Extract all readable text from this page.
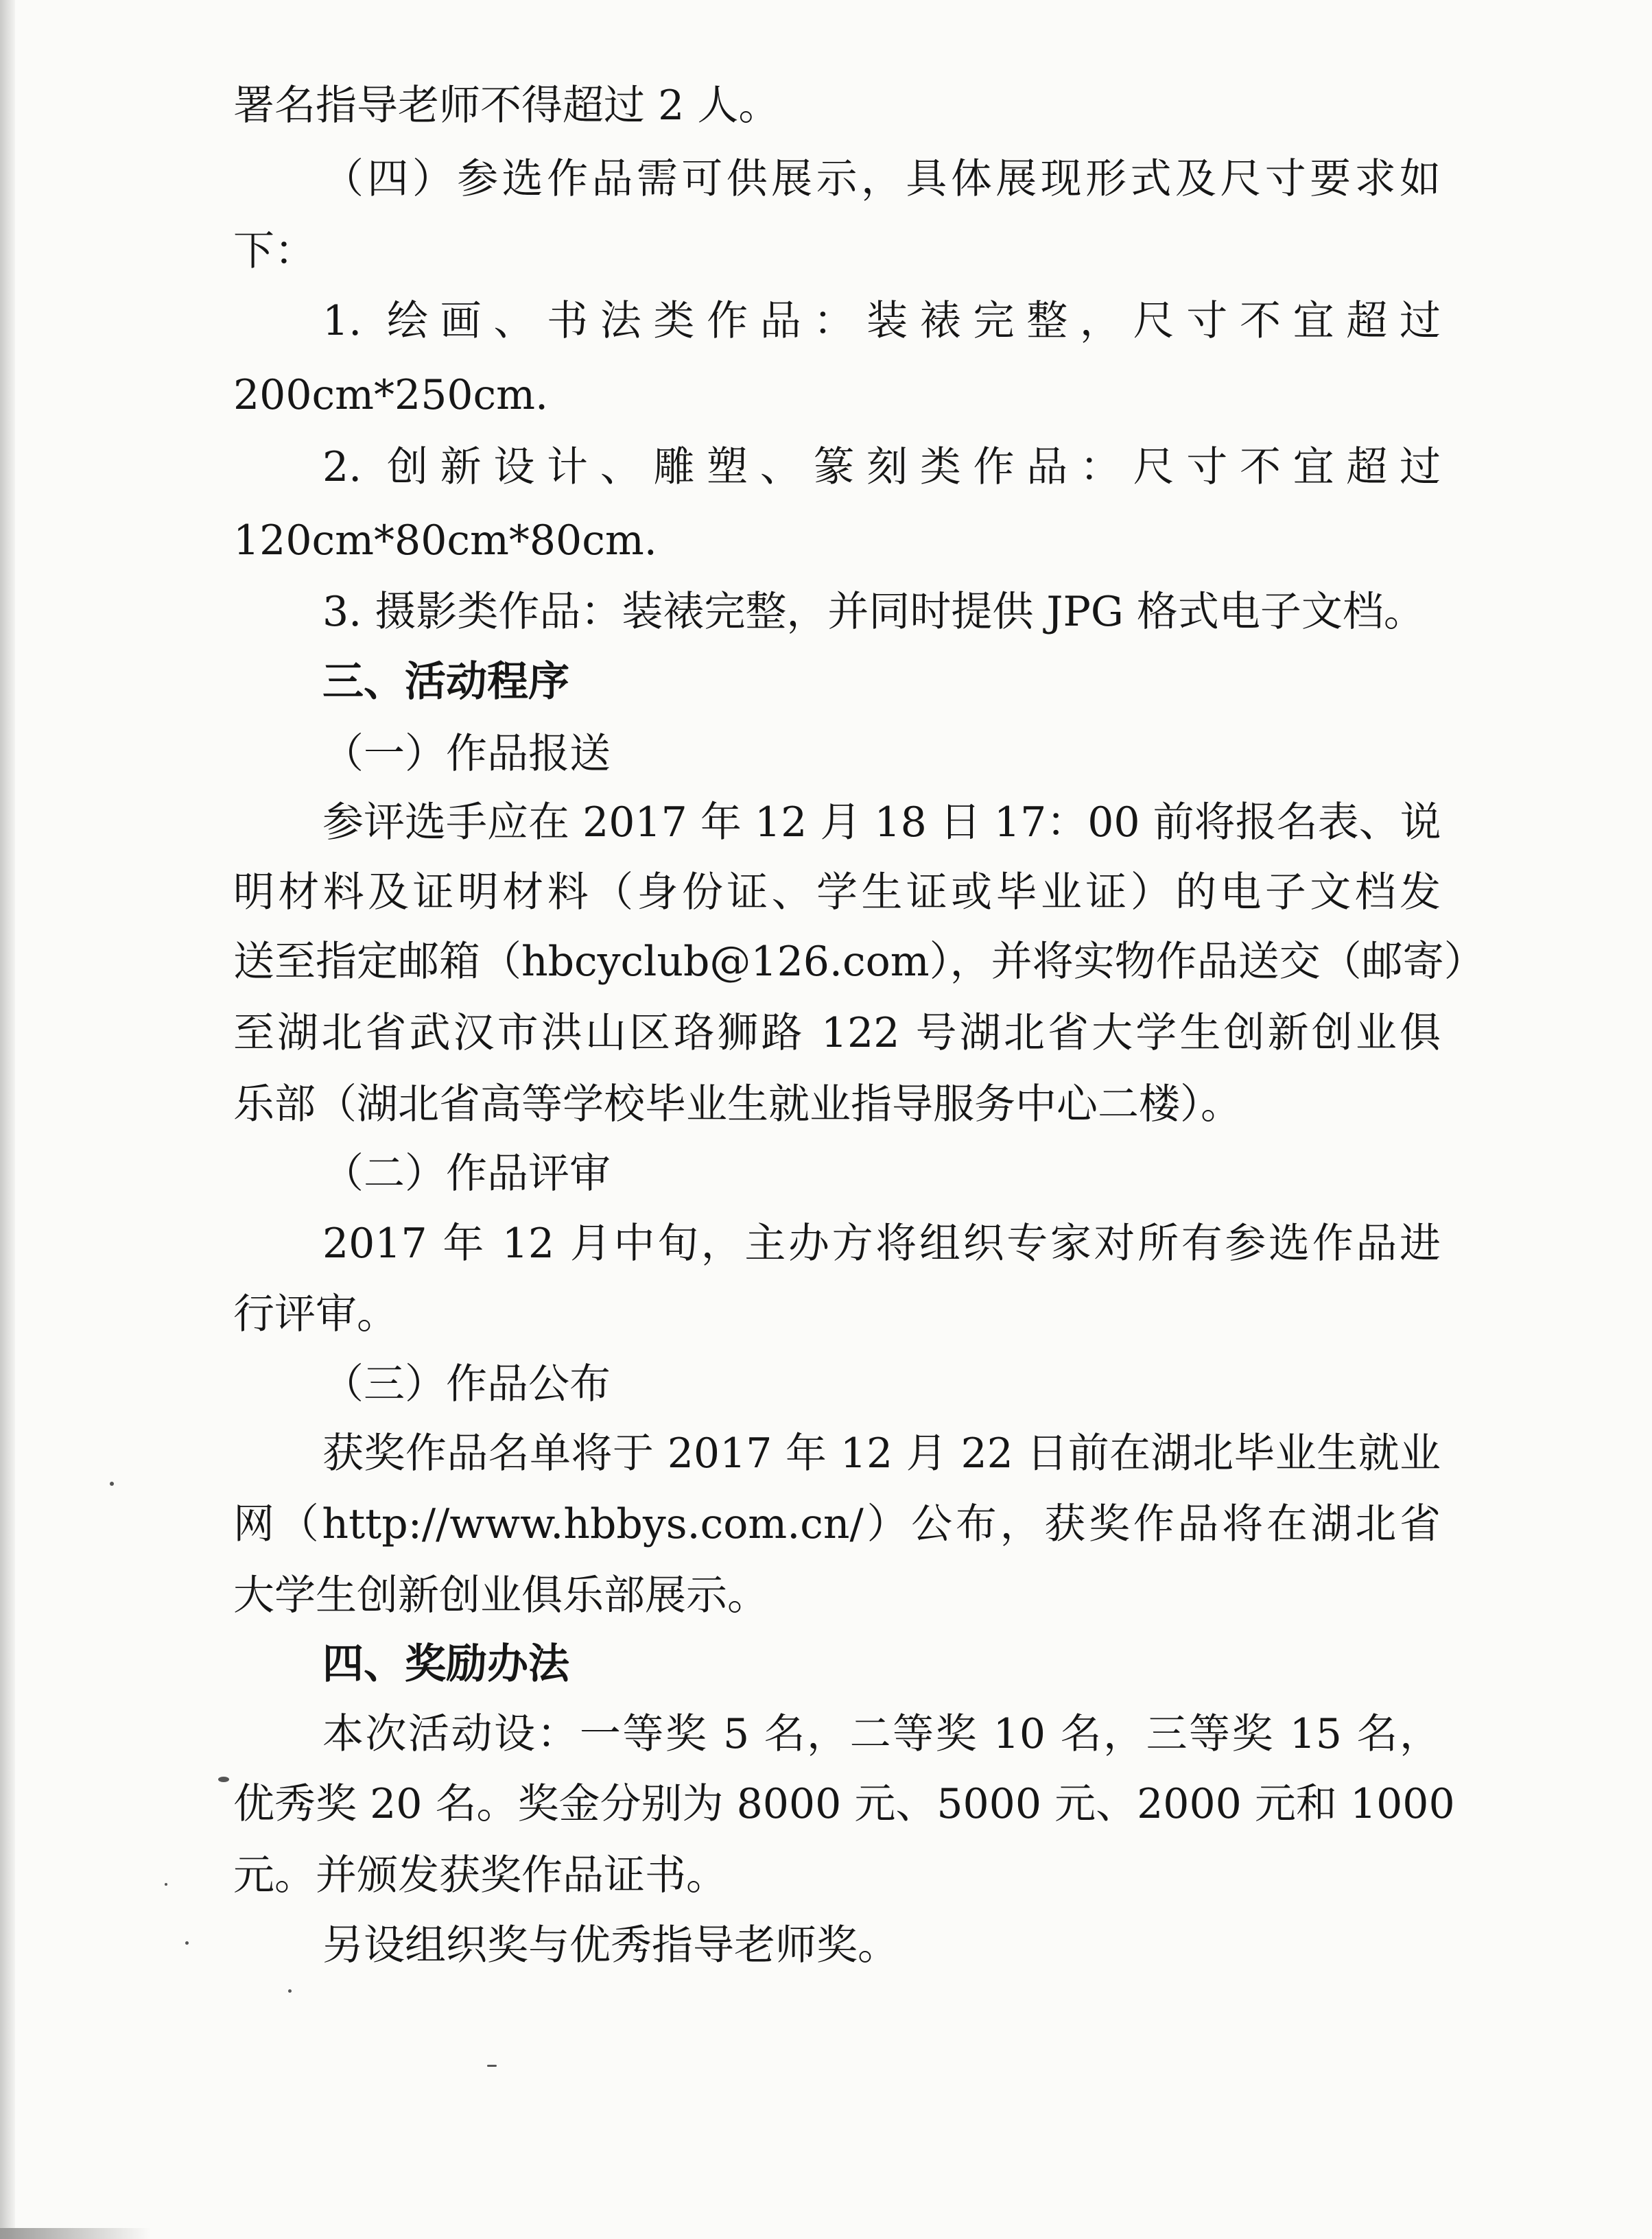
署名指导老师不得超过 2 人。
（四）参选作品需可供展示，具体展现形式及尺寸要求如
下：
1. 绘画、书法类作品：装裱完整，尺寸不宜超过
200cm*250cm.
2. 创新设计、雕塑、篆刻类作品：尺寸不宜超过
120cm*80cm*80cm.
3. 摄影类作品：装裱完整，并同时提供 JPG 格式电子文档。
三、活动程序
（一）作品报送
参评选手应在 2017 年 12 月 18 日 17：00 前将报名表、说
明材料及证明材料（身份证、学生证或毕业证）的电子文档发
送至指定邮箱（hbcyclub@126.com），并将实物作品送交（邮寄）
至湖北省武汉市洪山区珞狮路 122 号湖北省大学生创新创业俱
乐部（湖北省高等学校毕业生就业指导服务中心二楼）。
（二）作品评审
2017 年 12 月中旬，主办方将组织专家对所有参选作品进
行评审。
（三）作品公布
获奖作品名单将于 2017 年 12 月 22 日前在湖北毕业生就业
网（http://www.hbbys.com.cn/）公布，获奖作品将在湖北省
大学生创新创业俱乐部展示。
四、奖励办法
本次活动设：一等奖 5 名，二等奖 10 名，三等奖 15 名，
优秀奖 20 名。奖金分别为 8000 元、5000 元、2000 元和 1000
元。并颁发获奖作品证书。
另设组织奖与优秀指导老师奖。
